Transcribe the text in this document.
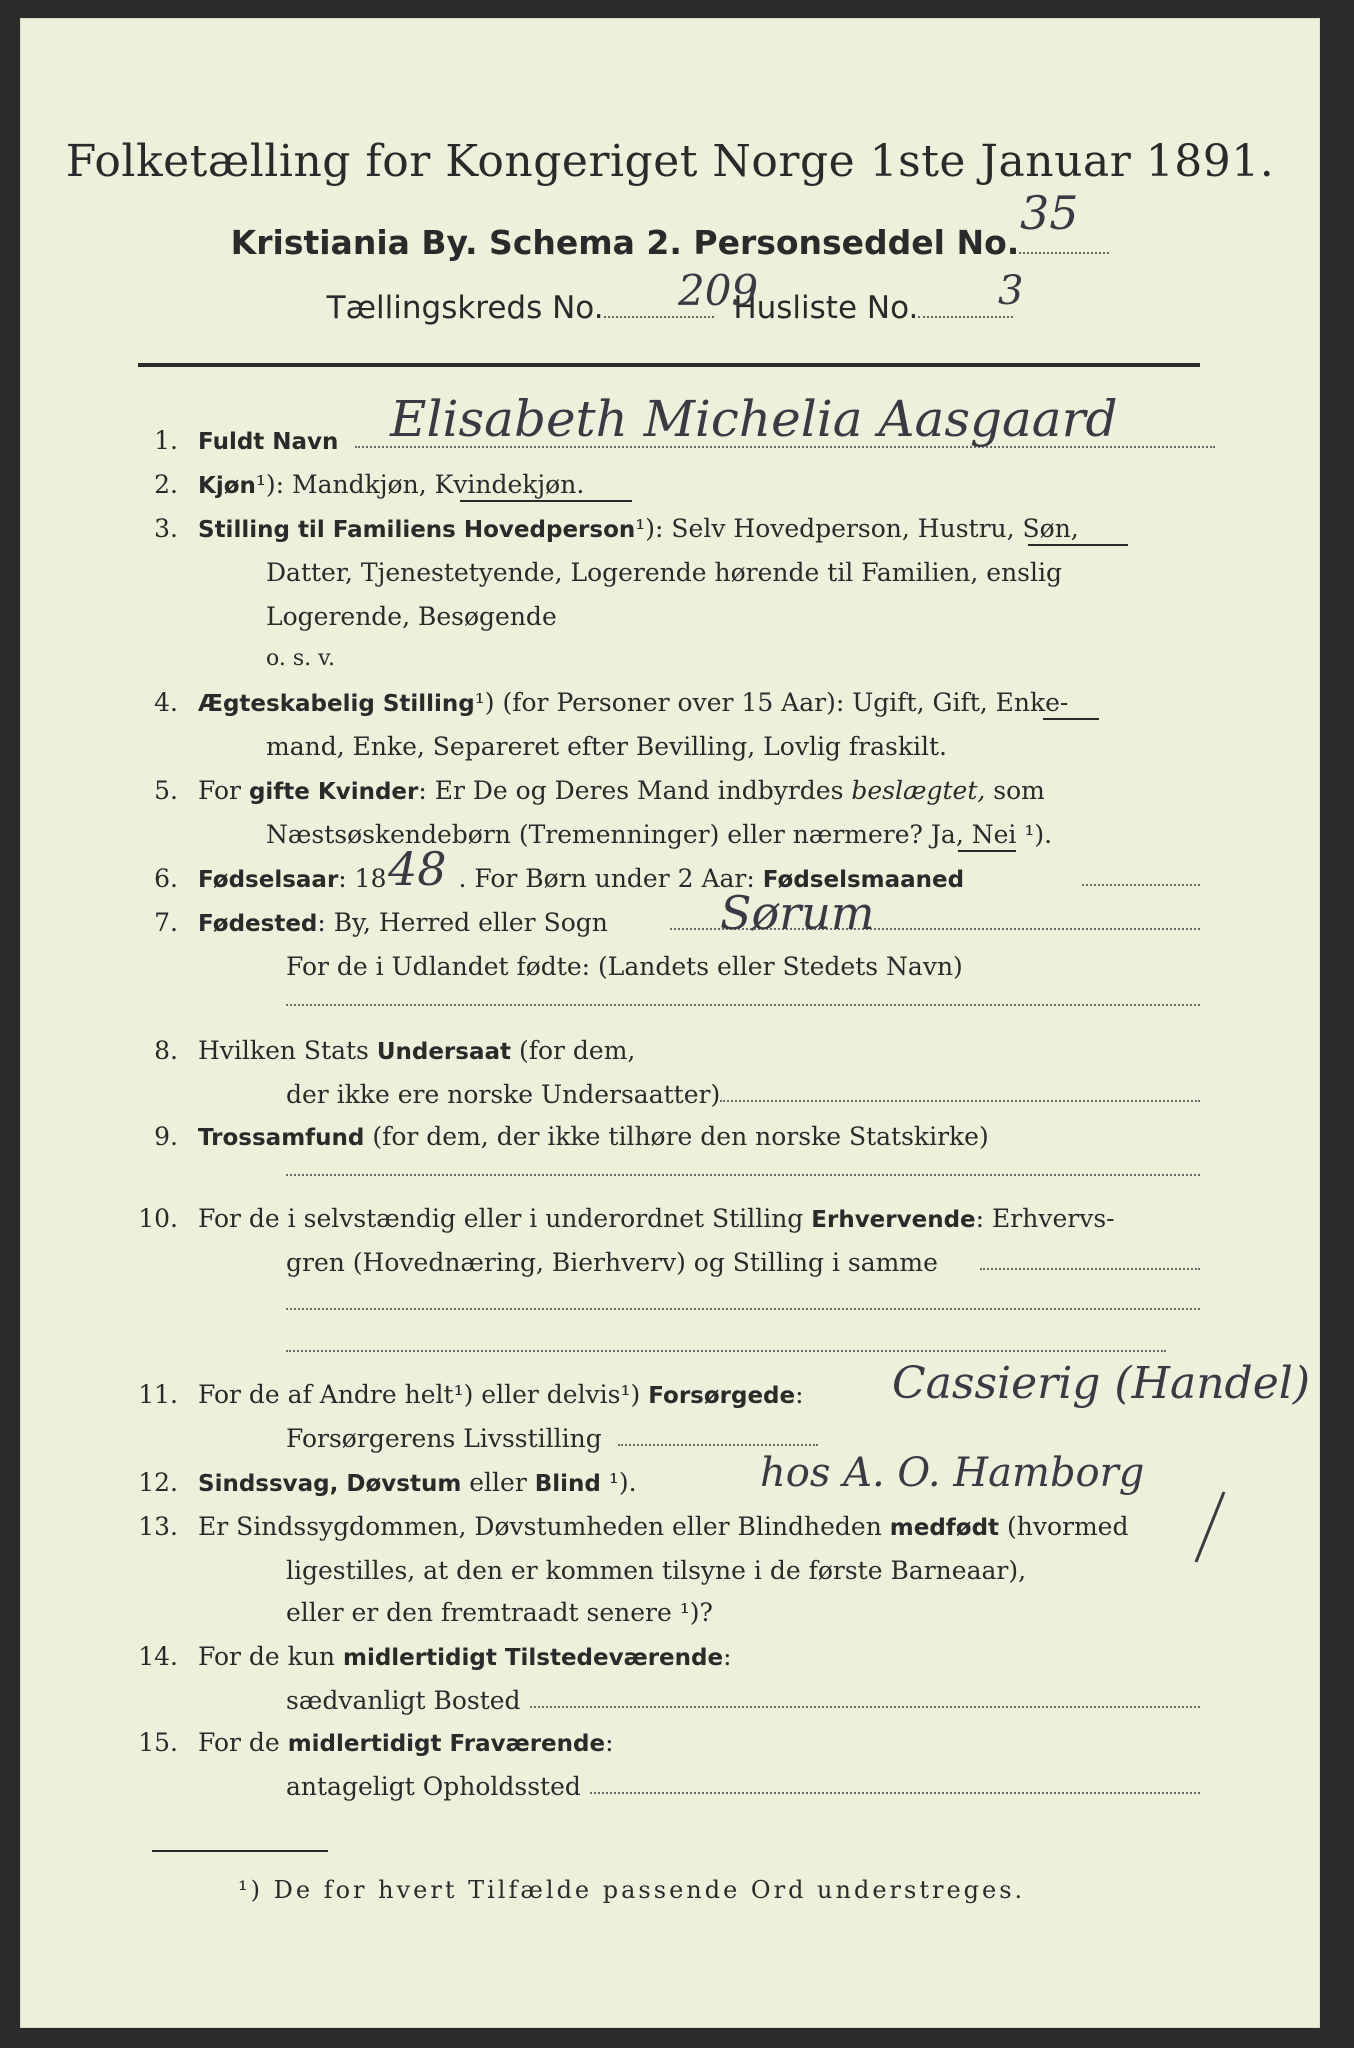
Folketælling for Kongeriget Norge 1ste Januar 1891.
Kristiania By. Schema 2. Personseddel No.
35
Tællingskreds No.	Husliste No.
209	3
1. Fuldt Navn Elisabeth Michelia Aasgaard
2. Kjøn¹): Mandkjøn, Kvindekjøn.
3. Stilling til Familiens Hovedperson¹): Selv Hovedperson, Hustru, Søn,
Datter, Tjenestetyende, Logerende hørende til Familien, enslig
Logerende, Besøgende
o. s. v.
4. Ægteskabelig Stilling¹) (for Personer over 15 Aar): Ugift, Gift, Enke-
mand, Enke, Separeret efter Bevilling, Lovlig fraskilt.
5. For gifte Kvinder: Er De og Deres Mand indbyrdes beslægtet, som
Næstsøskendebørn (Tremenninger) eller nærmere? Ja, Nei ¹).
6. Fødselsaar: 18	. For Børn under 2 Aar: Fødselsmaaned
48
7. Fødested: By, Herred eller Sogn Sørum
For de i Udlandet fødte: (Landets eller Stedets Navn)
8. Hvilken Stats Undersaat (for dem,
der ikke ere norske Undersaatter)
9. Trossamfund (for dem, der ikke tilhøre den norske Statskirke)
10. For de i selvstændig eller i underordnet Stilling Erhvervende: Erhvervs-
gren (Hovednæring, Bierhverv) og Stilling i samme
11. For de af Andre helt¹) eller delvis¹) Forsørgede: Cassierig (Handel)
Forsørgerens Livsstilling
12. Sindssvag, Døvstum eller Blind ¹).	hos A. O. Hamborg
13. Er Sindssygdommen, Døvstumheden eller Blindheden medfødt (hvormed
ligestilles, at den er kommen tilsyne i de første Barneaar),
eller er den fremtraadt senere ¹)?
14. For de kun midlertidigt Tilstedeværende:
sædvanligt Bosted
15. For de midlertidigt Fraværende:
antageligt Opholdssted
¹) De for hvert Tilfælde passende Ord understreges.
